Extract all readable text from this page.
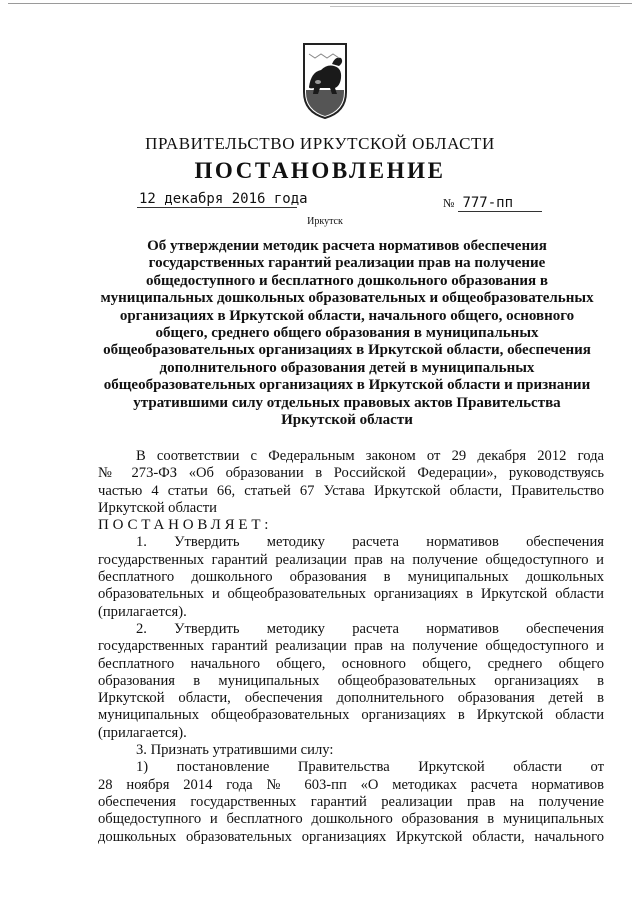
ПРАВИТЕЛЬСТВО ИРКУТСКОЙ ОБЛАСТИ
ПОСТАНОВЛЕНИЕ
12 декабря 2016 года	№ 777-пп
Иркутск
Об утверждении методик расчета нормативов обеспечения
государственных гарантий реализации прав на получение
общедоступного и бесплатного дошкольного образования в
муниципальных дошкольных образовательных и общеобразовательных
организациях в Иркутской области, начального общего, основного
общего, среднего общего образования в муниципальных
общеобразовательных организациях в Иркутской области, обеспечения
дополнительного образования детей в муниципальных
общеобразовательных организациях в Иркутской области и признании
утратившими силу отдельных правовых актов Правительства
Иркутской области
В соответствии с Федеральным законом от 29 декабря 2012 года
№ 273-ФЗ «Об образовании в Российской Федерации», руководствуясь
частью 4 статьи 66, статьей 67 Устава Иркутской области, Правительство
Иркутской области
ПОСТАНОВЛЯЕТ:
1. Утвердить методику расчета нормативов обеспечения
государственных гарантий реализации прав на получение общедоступного и
бесплатного дошкольного образования в муниципальных дошкольных
образовательных и общеобразовательных организациях в Иркутской области
(прилагается).
2. Утвердить методику расчета нормативов обеспечения
государственных гарантий реализации прав на получение общедоступного и
бесплатного начального общего, основного общего, среднего общего
образования в муниципальных общеобразовательных организациях в
Иркутской области, обеспечения дополнительного образования детей в
муниципальных общеобразовательных организациях в Иркутской области
(прилагается).
3. Признать утратившими силу:
1) постановление Правительства Иркутской области от
28 ноября 2014 года № 603-пп «О методиках расчета нормативов
обеспечения государственных гарантий реализации прав на получение
общедоступного и бесплатного дошкольного образования в муниципальных
дошкольных образовательных организациях Иркутской области, начального
